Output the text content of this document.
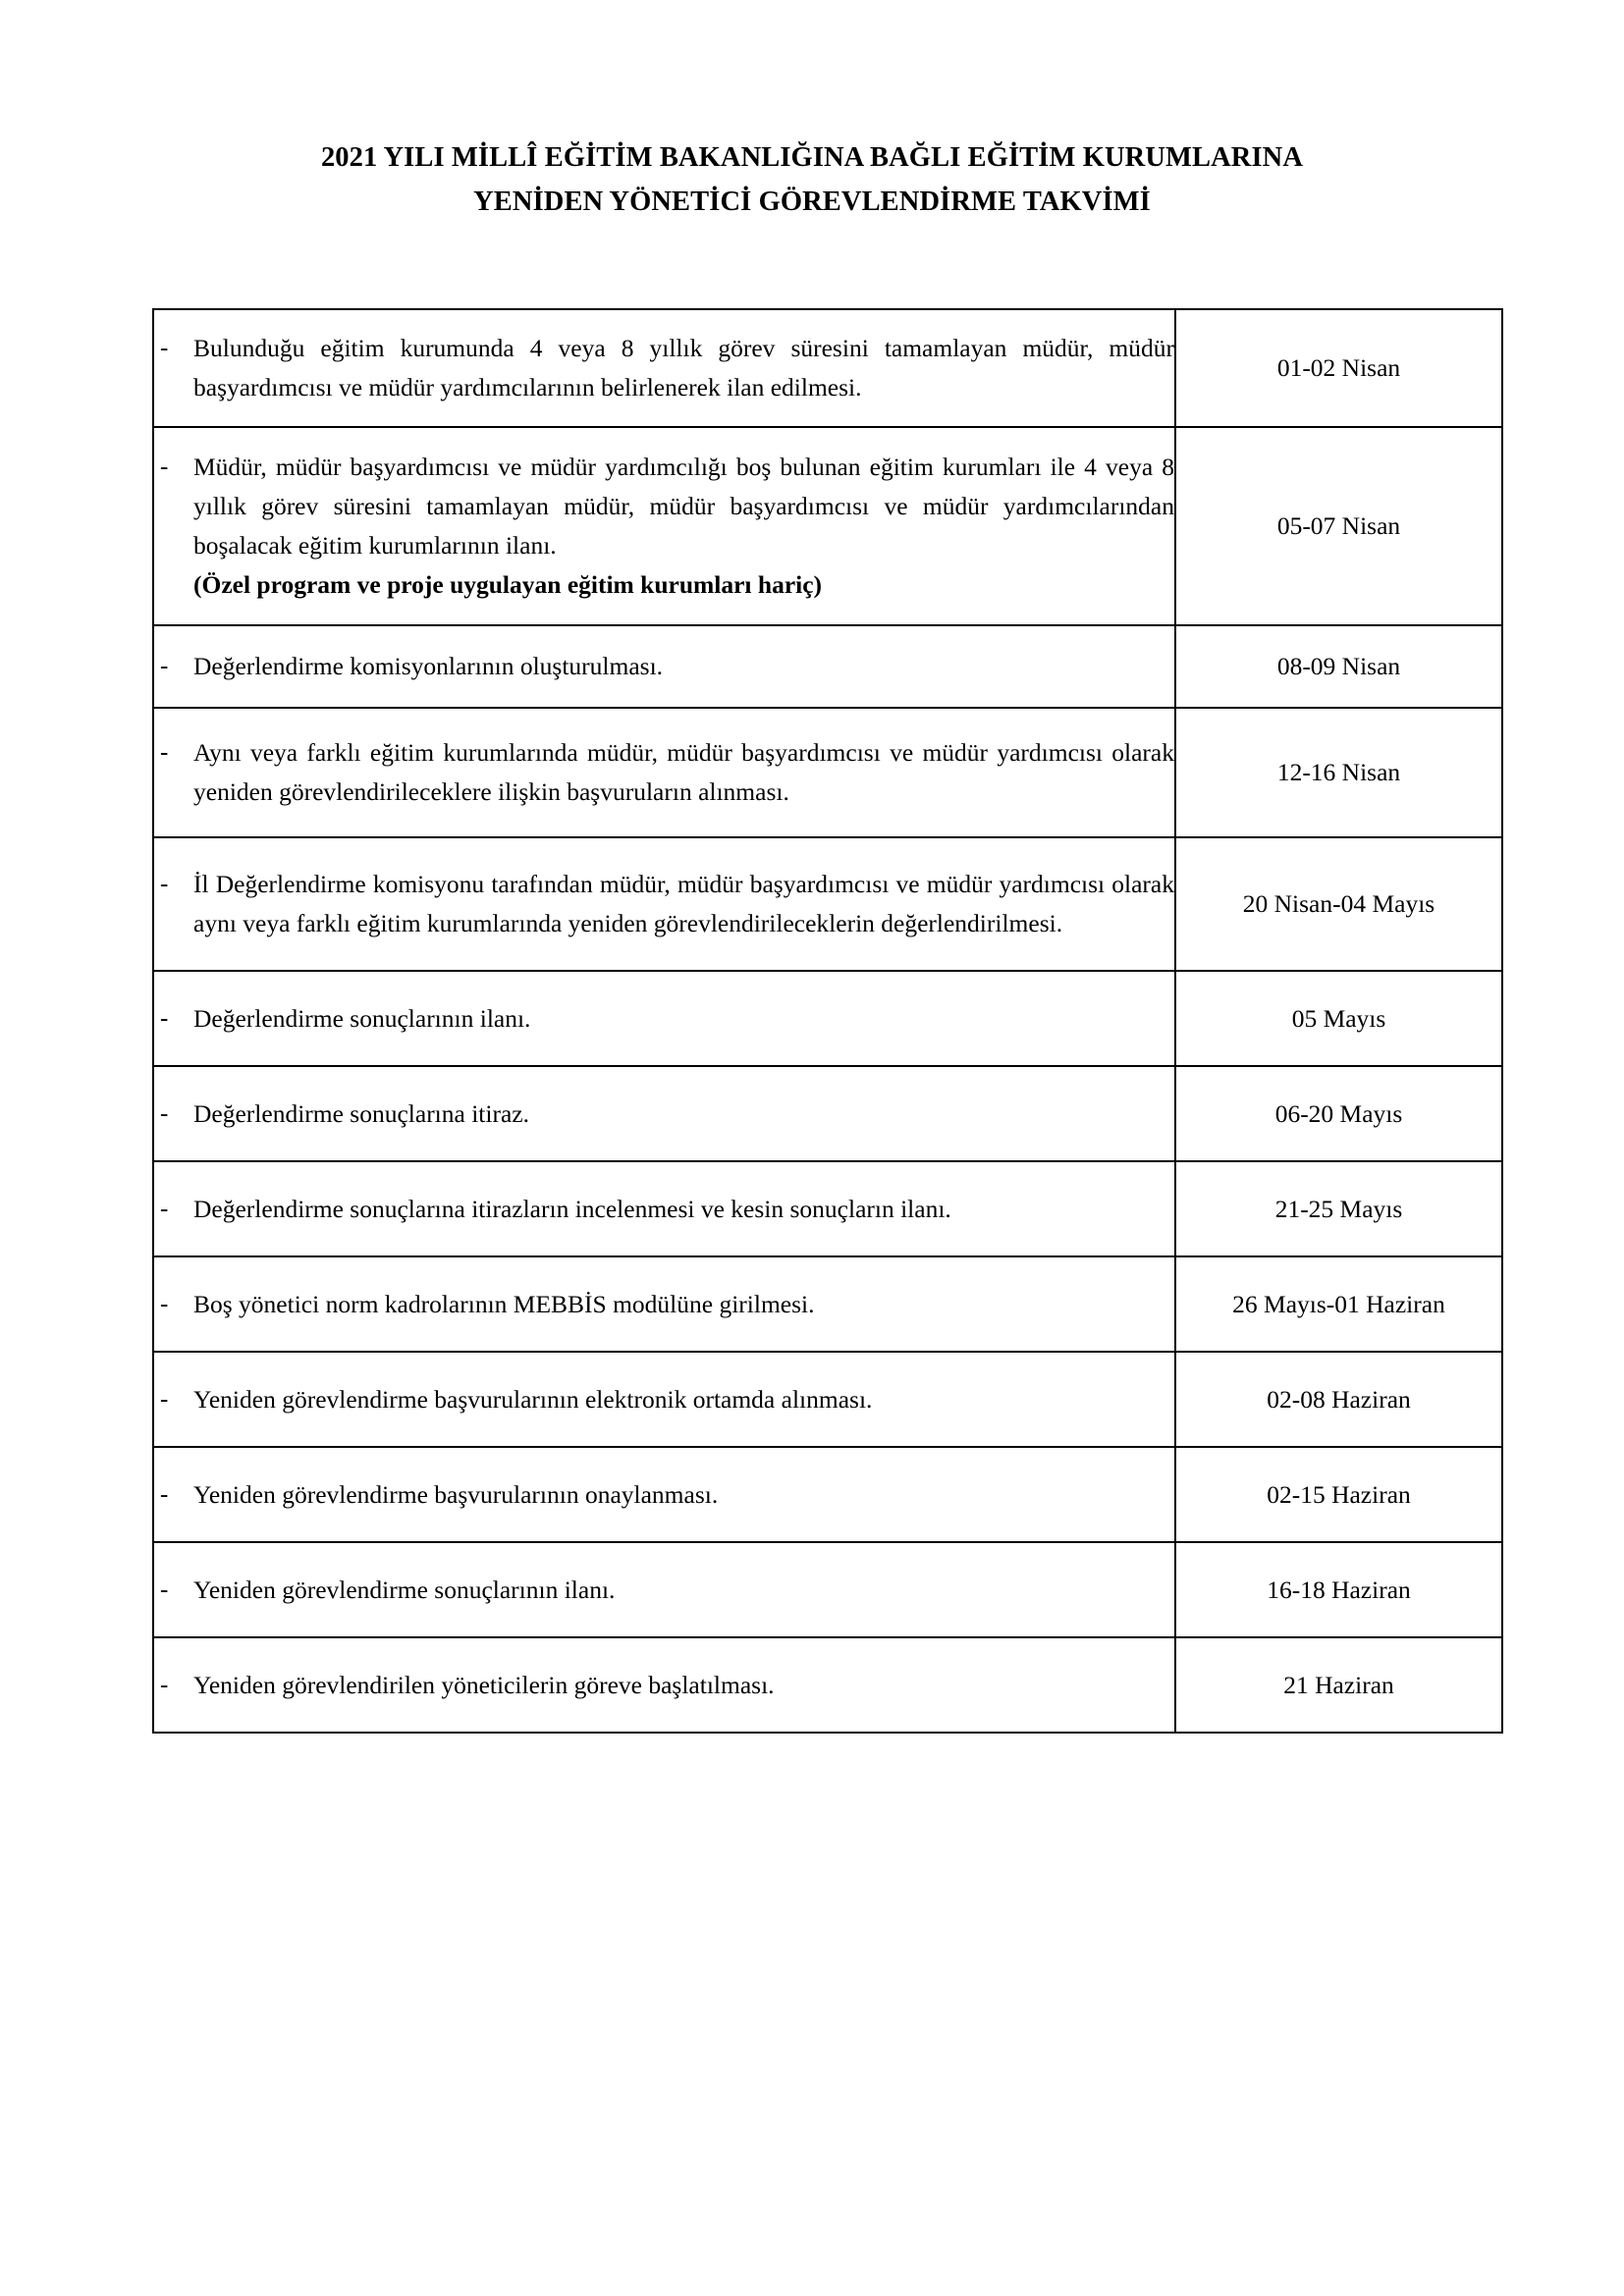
2021 YILI MİLLÎ EĞİTİM BAKANLIĞINA BAĞLI EĞİTİM KURUMLARINA
YENİDEN YÖNETİCİ GÖREVLENDİRME TAKVİMİ
- Bulunduğu eğitim kurumunda 4 veya 8 yıllık görev süresini tamamlayan müdür, müdür başyardımcısı ve müdür yardımcılarının belirlenerek ilan edilmesi.	01-02 Nisan

- Müdür, müdür başyardımcısı ve müdür yardımcılığı boş bulunan eğitim kurumları ile 4 veya 8 yıllık görev süresini tamamlayan müdür, müdür başyardımcısı ve müdür yardımcılarından boşalacak eğitim kurumlarının ilanı.
(Özel program ve proje uygulayan eğitim kurumları hariç)	05-07 Nisan

- Değerlendirme komisyonlarının oluşturulması.	08-09 Nisan

- Aynı veya farklı eğitim kurumlarında müdür, müdür başyardımcısı ve müdür yardımcısı olarak yeniden görevlendirileceklere ilişkin başvuruların alınması.	12-16 Nisan

- İl Değerlendirme komisyonu tarafından müdür, müdür başyardımcısı ve müdür yardımcısı olarak aynı veya farklı eğitim kurumlarında yeniden görevlendirileceklerin değerlendirilmesi.	20 Nisan-04 Mayıs

- Değerlendirme sonuçlarının ilanı.	05 Mayıs

- Değerlendirme sonuçlarına itiraz.	06-20 Mayıs

- Değerlendirme sonuçlarına itirazların incelenmesi ve kesin sonuçların ilanı.	21-25 Mayıs

- Boş yönetici norm kadrolarının MEBBİS modülüne girilmesi.	26 Mayıs-01 Haziran

- Yeniden görevlendirme başvurularının elektronik ortamda alınması.	02-08 Haziran

- Yeniden görevlendirme başvurularının onaylanması.	02-15 Haziran

- Yeniden görevlendirme sonuçlarının ilanı.	16-18 Haziran

- Yeniden görevlendirilen yöneticilerin göreve başlatılması.	21 Haziran
